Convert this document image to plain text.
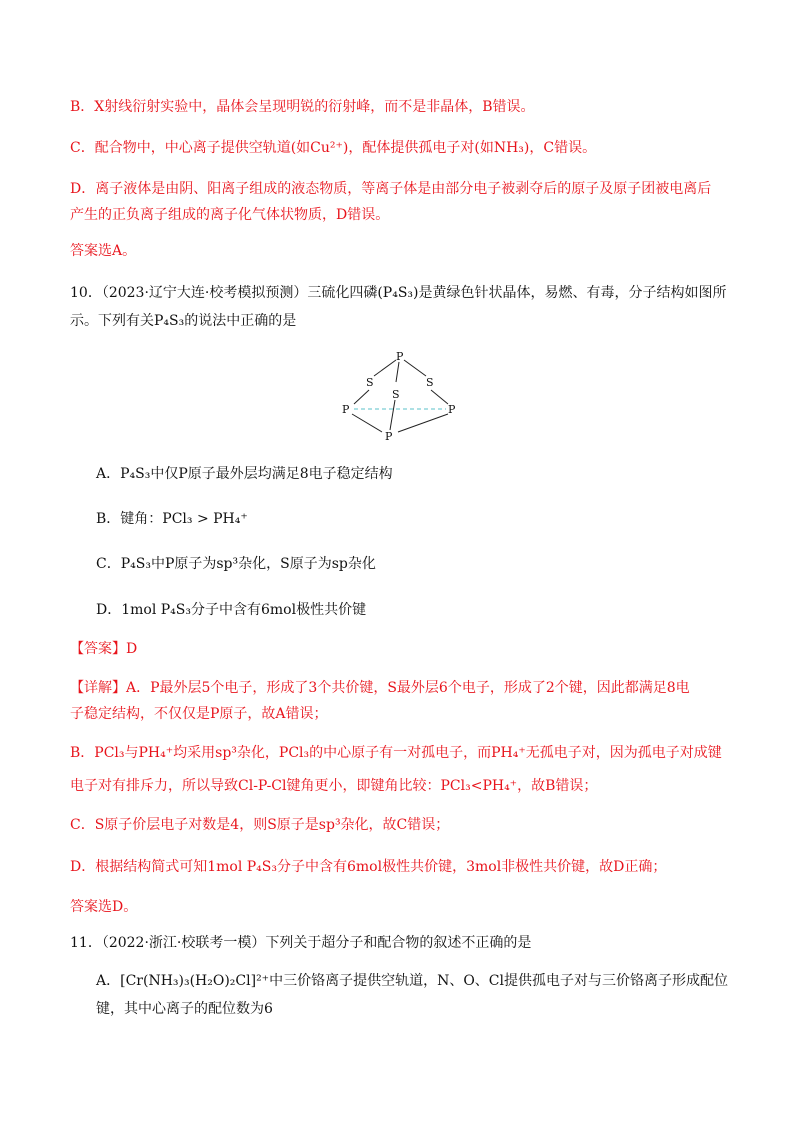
B．X射线衍射实验中，晶体会呈现明锐的衍射峰，而不是非晶体，B错误。
C．配合物中，中心离子提供空轨道(如Cu²⁺)，配体提供孤电子对(如NH₃)，C错误。
D．离子液体是由阴、阳离子组成的液态物质，等离子体是由部分电子被剥夺后的原子及原子团被电离后
产生的正负离子组成的离子化气体状物质，D错误。
答案选A。
10．（2023·辽宁大连·校考模拟预测）三硫化四磷(P₄S₃)是黄绿色针状晶体，易燃、有毒，分子结构如图所
示。下列有关P₄S₃的说法中正确的是
P
S
S
S
P	P
P
A．P₄S₃中仅P原子最外层均满足8电子稳定结构
B．键角：PCl₃ > PH₄⁺
C．P₄S₃中P原子为sp³杂化，S原子为sp杂化
D．1mol P₄S₃分子中含有6mol极性共价键
【答案】D
【详解】A．P最外层5个电子，形成了3个共价键，S最外层6个电子，形成了2个键，因此都满足8电
子稳定结构，不仅仅是P原子，故A错误；
B．PCl₃与PH₄⁺均采用sp³杂化，PCl₃的中心原子有一对孤电子，而PH₄⁺无孤电子对，因为孤电子对成键
电子对有排斥力，所以导致Cl-P-Cl键角更小，即键角比较：PCl₃<PH₄⁺，故B错误；
C．S原子价层电子对数是4，则S原子是sp³杂化，故C错误；
D．根据结构简式可知1mol P₄S₃分子中含有6mol极性共价键，3mol非极性共价键，故D正确；
答案选D。
11．（2022·浙江·校联考一模）下列关于超分子和配合物的叙述不正确的是
A．[Cr(NH₃)₃(H₂O)₂Cl]²⁺中三价铬离子提供空轨道，N、O、Cl提供孤电子对与三价铬离子形成配位
键，其中心离子的配位数为6
